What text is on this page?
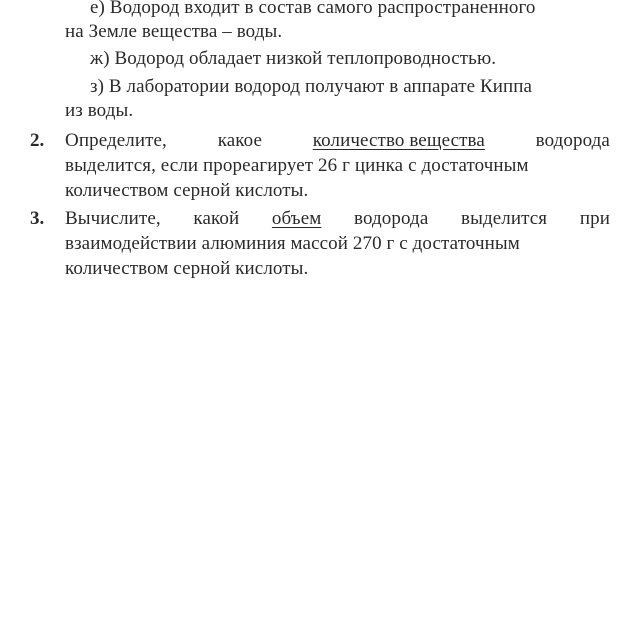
е) Водород входит в состав самого распространенного
на Земле вещества – воды.
ж) Водород обладает низкой теплопроводностью.
з) В лаборатории водород получают в аппарате Киппа
из воды.
2. Определите,	какое	количество вещества	водорода
выделится, если прореагирует 26 г цинка с достаточным
количеством серной кислоты.
3. Вычислите, какой объем водорода выделится при
взаимодействии алюминия массой 270 г с достаточным
количеством серной кислоты.
